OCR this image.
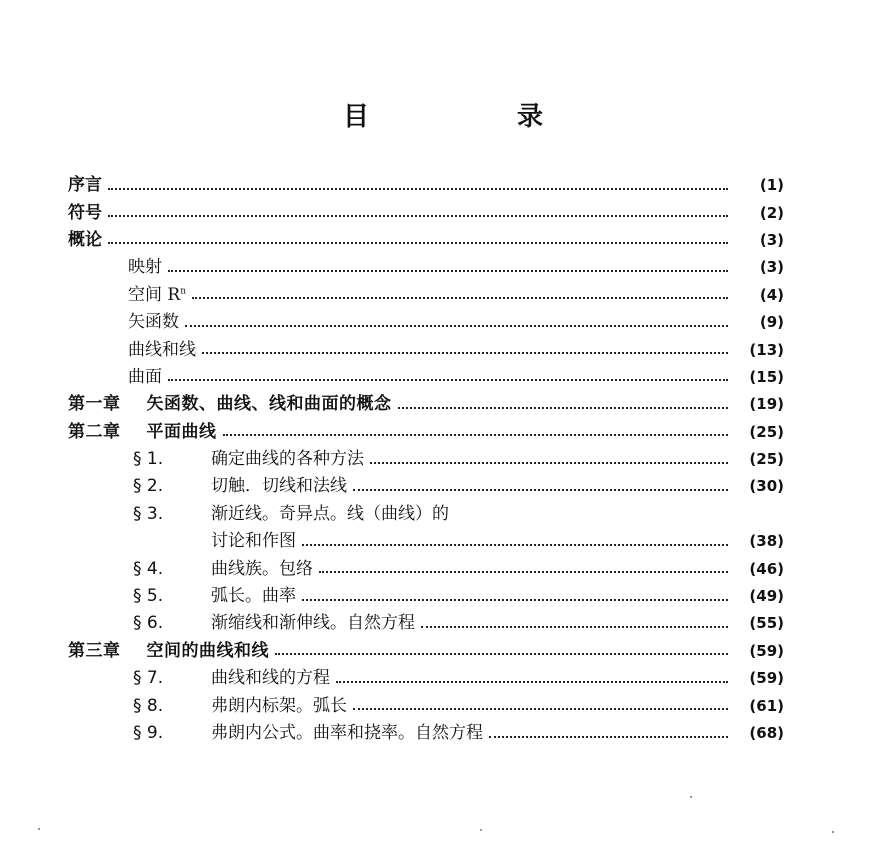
目	录
序言	(1)
符号	(2)
概论	(3)
映射	(3)
空间 $R^n$	(4)
矢函数	(9)
曲线和线	(13)
曲面	(15)
第一章 矢函数、曲线、线和曲面的概念	(19)
第二章 平面曲线	(25)
§ 1.	确定曲线的各种方法	(25)
§ 2.	切触．切线和法线	(30)
§ 3.	渐近线。奇异点。线（曲线）的
讨论和作图	(38)
§ 4.	曲线族。包络	(46)
§ 5.	弧长。曲率	(49)
§ 6.	渐缩线和渐伸线。自然方程	(55)
第三章 空间的曲线和线	(59)
§ 7.	曲线和线的方程	(59)
§ 8.	弗朗内标架。弧长	(61)
§ 9.	弗朗内公式。曲率和挠率。自然方程	(68)
